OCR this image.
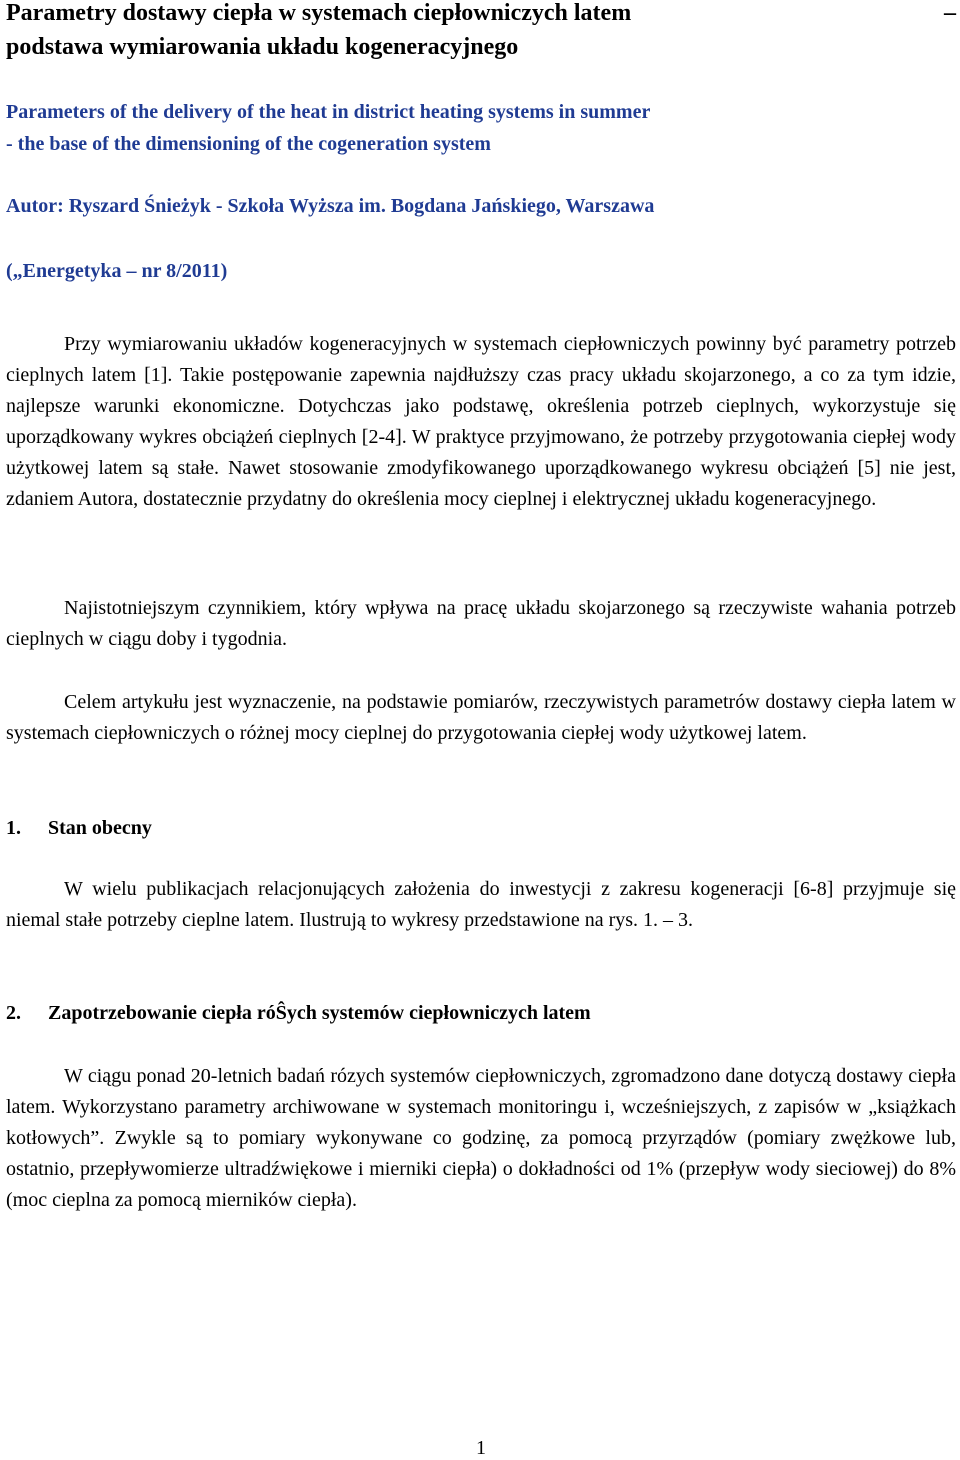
Parametry dostawy ciepła w systemach ciepłowniczych latem	–
podstawa wymiarowania układu kogeneracyjnego
Parameters of the delivery of the heat in district heating systems in summer
- the base of the dimensioning of the cogeneration system
Autor: Ryszard Śnieżyk - Szkoła Wyższa im. Bogdana Jańskiego, Warszawa
(„Energetyka – nr 8/2011)

Przy wymiarowaniu układów kogeneracyjnych w systemach ciepłowniczych powinny być parametry potrzeb cieplnych latem [1]. Takie postępowanie zapewnia najdłuższy czas pracy układu skojarzonego, a co za tym idzie, najlepsze warunki ekonomiczne. Dotychczas jako podstawę, określenia potrzeb cieplnych, wykorzystuje się uporządkowany wykres obciążeń cieplnych [2-4]. W praktyce przyjmowano, że potrzeby przygotowania ciepłej wody użytkowej latem są stałe. Nawet stosowanie zmodyfikowanego uporządkowanego wykresu obciążeń [5] nie jest, zdaniem Autora, dostatecznie przydatny do określenia mocy cieplnej i elektrycznej układu kogeneracyjnego.

Najistotniejszym czynnikiem, który wpływa na pracę układu skojarzonego są rzeczywiste wahania potrzeb cieplnych w ciągu doby i tygodnia.

Celem artykułu jest wyznaczenie, na podstawie pomiarów, rzeczywistych parametrów dostawy ciepła latem w systemach ciepłowniczych o różnej mocy cieplnej do przygotowania ciepłej wody użytkowej latem.

1. Stan obecny

W wielu publikacjach relacjonujących założenia do inwestycji z zakresu kogeneracji [6-8] przyjmuje się niemal stałe potrzeby cieplne latem. Ilustrują to wykresy przedstawione na rys. 1. – 3.

2. Zapotrzebowanie ciepła róŜych systemów ciepłowniczych latem

W ciągu ponad 20-letnich badań rózych systemów ciepłowniczych, zgromadzono dane dotyczą dostawy ciepła latem. Wykorzystano parametry archiwowane w systemach monitoringu i, wcześniejszych, z zapisów w „książkach kotłowych”. Zwykle są to pomiary wykonywane co godzinę, za pomocą przyrządów (pomiary zwężkowe lub, ostatnio, przepływomierze ultradźwiękowe i mierniki ciepła) o dokładności od 1% (przepływ wody sieciowej) do 8% (moc cieplna za pomocą mierników ciepła).

1
